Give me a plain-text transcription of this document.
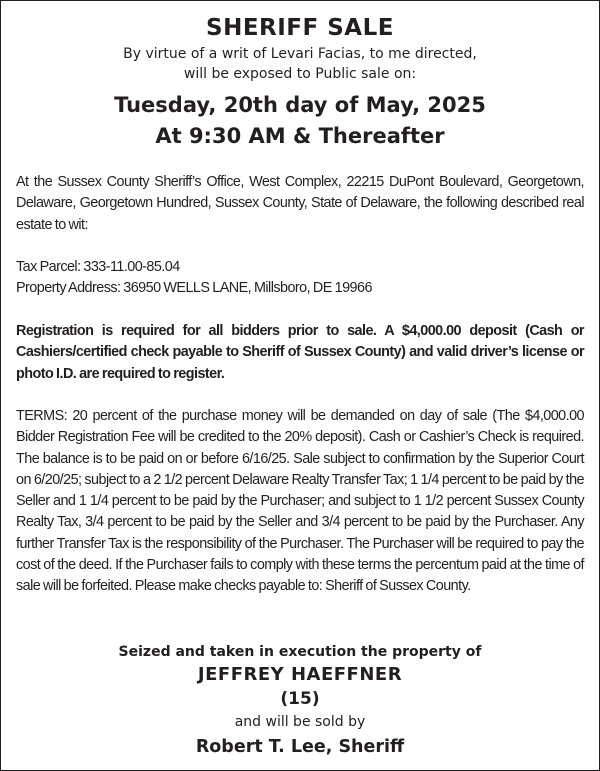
SHERIFF SALE
By virtue of a writ of Levari Facias, to me directed,
will be exposed to Public sale on:
Tuesday, 20th day of May, 2025
At 9:30 AM & Thereafter
At the Sussex County Sheriff’s Office, West Complex, 22215 DuPont Boulevard, Georgetown, Delaware, Georgetown Hundred, Sussex County, State of Delaware, the following described real estate to wit:
Tax Parcel: 333-11.00-85.04
Property Address: 36950 WELLS LANE, Millsboro, DE 19966
Registration is required for all bidders prior to sale. A $4,000.00 deposit (Cash or Cashiers/certified check payable to Sheriff of Sussex County) and valid driver’s license or photo I.D. are required to register.
TERMS: 20 percent of the purchase money will be demanded on day of sale (The $4,000.00 Bidder Registration Fee will be credited to the 20% deposit). Cash or Cashier’s Check is required. The balance is to be paid on or before 6/16/25. Sale subject to confirmation by the Superior Court on 6/20/25; subject to a 2 1/2 percent Delaware Realty Transfer Tax; 1 1/4 percent to be paid by the Seller and 1 1/4 percent to be paid by the Purchaser; and subject to 1 1/2 percent Sussex County Realty Tax, 3/4 percent to be paid by the Seller and 3/4 percent to be paid by the Purchaser. Any further Transfer Tax is the responsibility of the Purchaser. The Purchaser will be required to pay the cost of the deed. If the Purchaser fails to comply with these terms the percentum paid at the time of sale will be forfeited. Please make checks payable to: Sheriff of Sussex County.
Seized and taken in execution the property of
JEFFREY HAEFFNER
(15)
and will be sold by
Robert T. Lee, Sheriff
